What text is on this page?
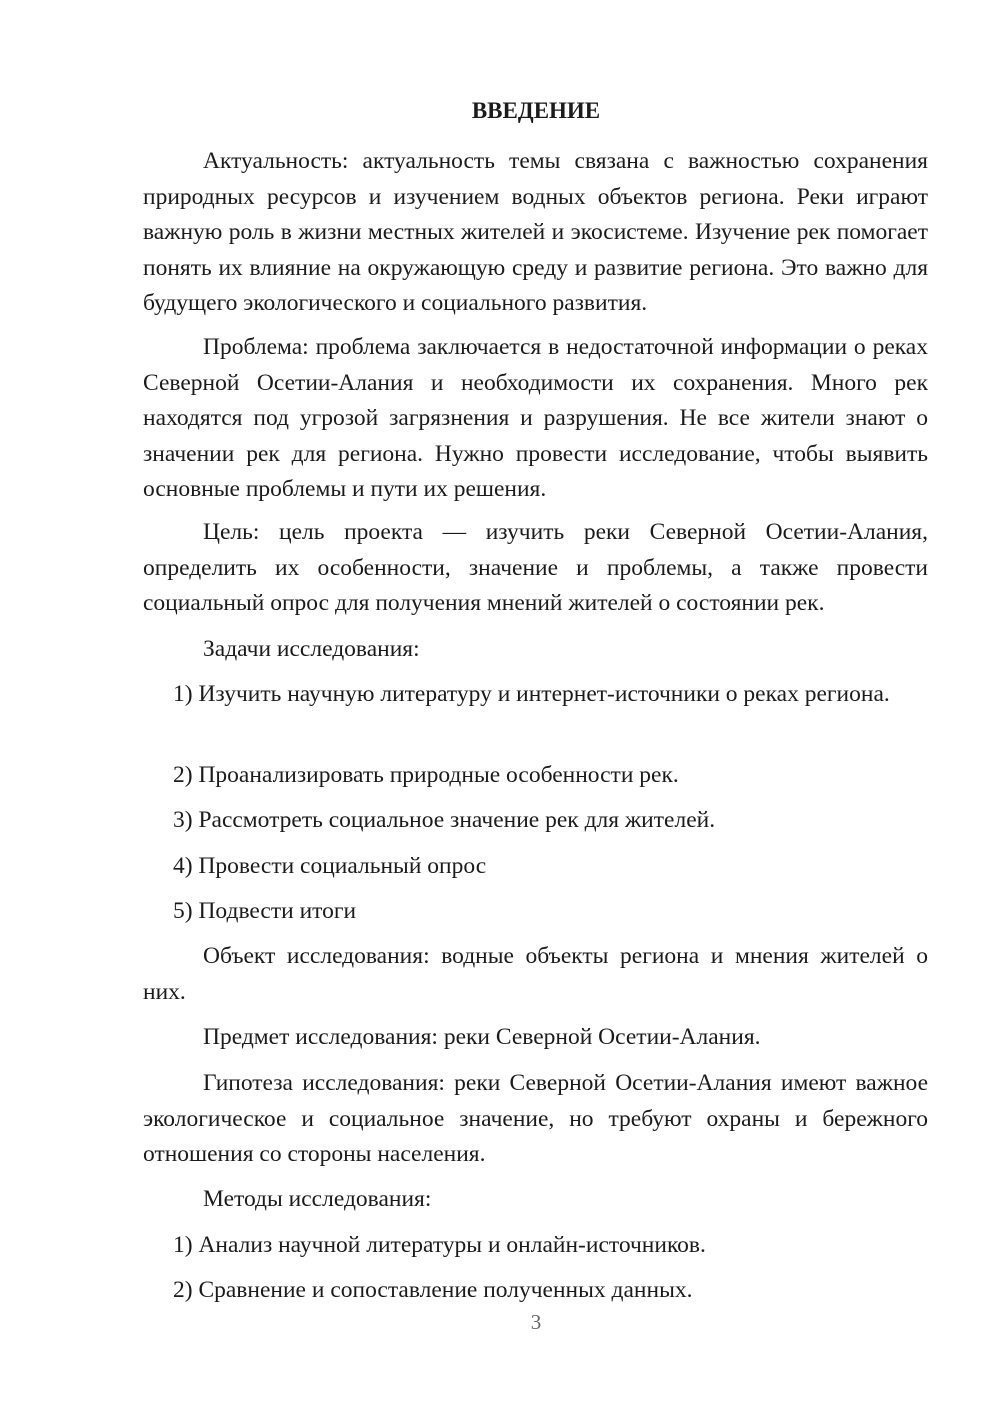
ВВЕДЕНИЕ

Актуальность: актуальность темы связана с важностью сохранения природных ресурсов и изучением водных объектов региона. Реки играют важную роль в жизни местных жителей и экосистеме. Изучение рек помогает понять их влияние на окружающую среду и развитие региона. Это важно для будущего экологического и социального развития.

Проблема: проблема заключается в недостаточной информации о реках Северной Осетии-Алания и необходимости их сохранения. Много рек находятся под угрозой загрязнения и разрушения. Не все жители знают о значении рек для региона. Нужно провести исследование, чтобы выявить основные проблемы и пути их решения.

Цель: цель проекта — изучить реки Северной Осетии-Алания, определить их особенности, значение и проблемы, а также провести социальный опрос для получения мнений жителей о состоянии рек.

Задачи исследования:

1) Изучить научную литературу и интернет-источники о реках региона.

2) Проанализировать природные особенности рек.

3) Рассмотреть социальное значение рек для жителей.

4) Провести социальный опрос

5) Подвести итоги

Объект исследования: водные объекты региона и мнения жителей о них.

Предмет исследования: реки Северной Осетии-Алания.

Гипотеза исследования: реки Северной Осетии-Алания имеют важное экологическое и социальное значение, но требуют охраны и бережного отношения со стороны населения.

Методы исследования:

1) Анализ научной литературы и онлайн-источников.

2) Сравнение и сопоставление полученных данных.

3
